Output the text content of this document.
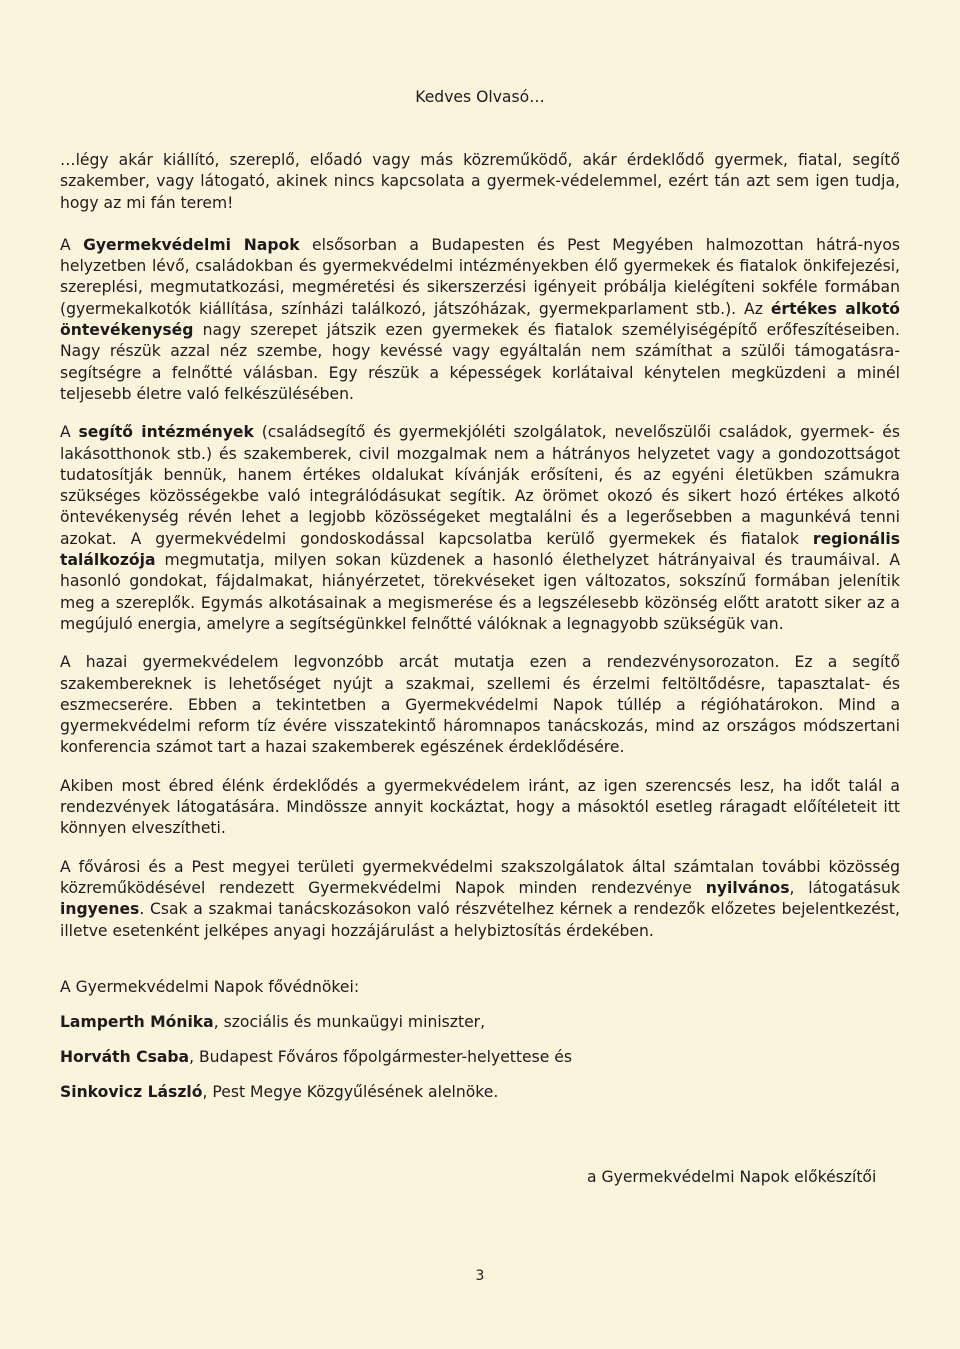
Kedves Olvasó…

…légy akár kiállító, szereplő, előadó vagy más közreműködő, akár érdeklődő gyermek, fiatal, segítő szakember, vagy látogató, akinek nincs kapcsolata a gyermek-védelemmel, ezért tán azt sem igen tudja, hogy az mi fán terem!

A Gyermekvédelmi Napok elsősorban a Budapesten és Pest Megyében halmozottan hátrá-nyos helyzetben lévő, családokban és gyermekvédelmi intézményekben élő gyermekek és fiatalok önkifejezési, szereplési, megmutatkozási, megméretési és sikerszerzési igényeit próbálja kielégíteni sokféle formában (gyermekalkotók kiállítása, színházi találkozó, játszóházak, gyermekparlament stb.). Az értékes alkotó öntevékenység nagy szerepet játszik ezen gyermekek és fiatalok személyiségépítő erőfeszítéseiben. Nagy részük azzal néz szembe, hogy kevéssé vagy egyáltalán nem számíthat a szülői támogatásra-segítségre a felnőtté válásban. Egy részük a képességek korlátaival kénytelen megküzdeni a minél teljesebb életre való felkészülésében.

A segítő intézmények (családsegítő és gyermekjóléti szolgálatok, nevelőszülői családok, gyermek- és lakásotthonok stb.) és szakemberek, civil mozgalmak nem a hátrányos helyzetet vagy a gondozottságot tudatosítják bennük, hanem értékes oldalukat kívánják erősíteni, és az egyéni életükben számukra szükséges közösségekbe való integrálódásukat segítik. Az örömet okozó és sikert hozó értékes alkotó öntevékenység révén lehet a legjobb közösségeket megtalálni és a legerősebben a magunkévá tenni azokat. A gyermekvédelmi gondoskodással kapcsolatba kerülő gyermekek és fiatalok regionális találkozója megmutatja, milyen sokan küzdenek a hasonló élethelyzet hátrányaival és traumáival. A hasonló gondokat, fájdalmakat, hiányérzetet, törekvéseket igen változatos, sokszínű formában jelenítik meg a szereplők. Egymás alkotásainak a megismerése és a legszélesebb közönség előtt aratott siker az a megújuló energia, amelyre a segítségünkkel felnőtté válóknak a legnagyobb szükségük van.

A hazai gyermekvédelem legvonzóbb arcát mutatja ezen a rendezvénysorozaton. Ez a segítő szakembereknek is lehetőséget nyújt a szakmai, szellemi és érzelmi feltöltődésre, tapasztalat- és eszmecserére. Ebben a tekintetben a Gyermekvédelmi Napok túllép a régióhatárokon. Mind a gyermekvédelmi reform tíz évére visszatekintő háromnapos tanácskozás, mind az országos módszertani konferencia számot tart a hazai szakemberek egészének érdeklődésére.

Akiben most ébred élénk érdeklődés a gyermekvédelem iránt, az igen szerencsés lesz, ha időt talál a rendezvények látogatására. Mindössze annyit kockáztat, hogy a másoktól esetleg ráragadt előítéleteit itt könnyen elveszítheti.

A fővárosi és a Pest megyei területi gyermekvédelmi szakszolgálatok által számtalan további közösség közreműködésével rendezett Gyermekvédelmi Napok minden rendezvénye nyilvános, látogatásuk ingyenes. Csak a szakmai tanácskozásokon való részvételhez kérnek a rendezők előzetes bejelentkezést, illetve esetenként jelképes anyagi hozzájárulást a helybiztosítás érdekében.

A Gyermekvédelmi Napok fővédnökei:

Lamperth Mónika, szociális és munkaügyi miniszter,

Horváth Csaba, Budapest Főváros főpolgármester-helyettese és

Sinkovicz László, Pest Megye Közgyűlésének alelnöke.

a Gyermekvédelmi Napok előkészítői

3
